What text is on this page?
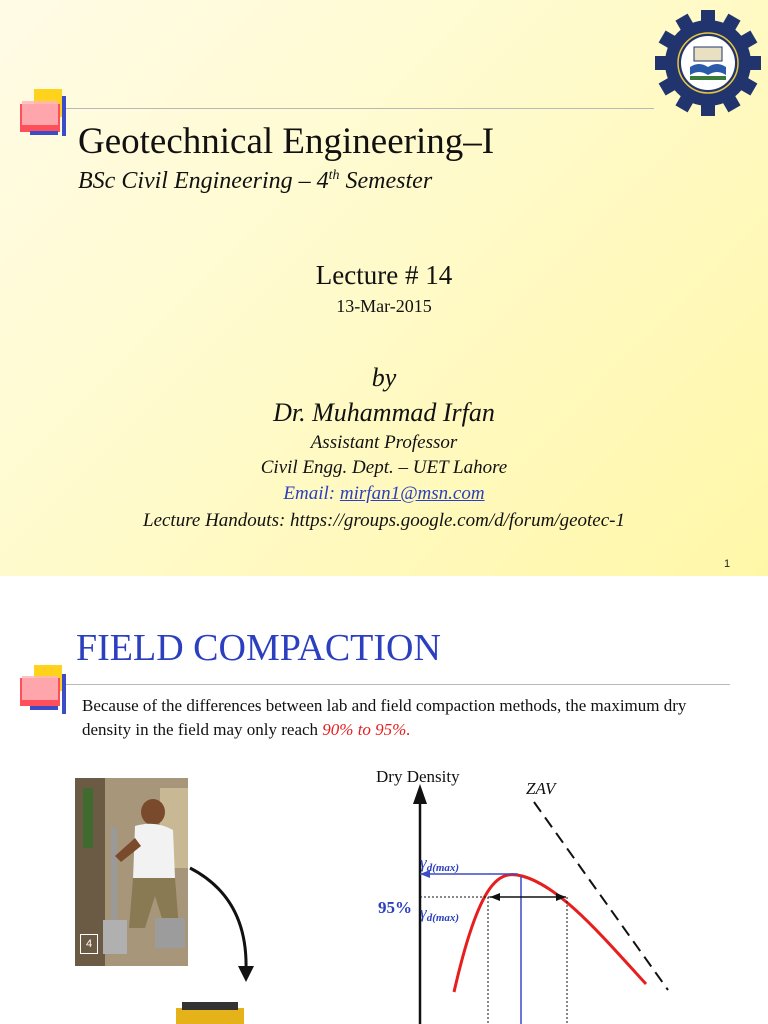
Geotechnical Engineering–I
BSc Civil Engineering – 4th Semester
Lecture # 14
13-Mar-2015
by
Dr. Muhammad Irfan
Assistant Professor
Civil Engg. Dept. – UET Lahore
Email: mirfan1@msn.com
Lecture Handouts: https://groups.google.com/d/forum/geotec-1
1
FIELD COMPACTION
Because of the differences between lab and field compaction methods, the maximum dry density in the field may only reach 90% to 95%.
4
Dry Density
ZAV
γd(max)
95% γd(max)
